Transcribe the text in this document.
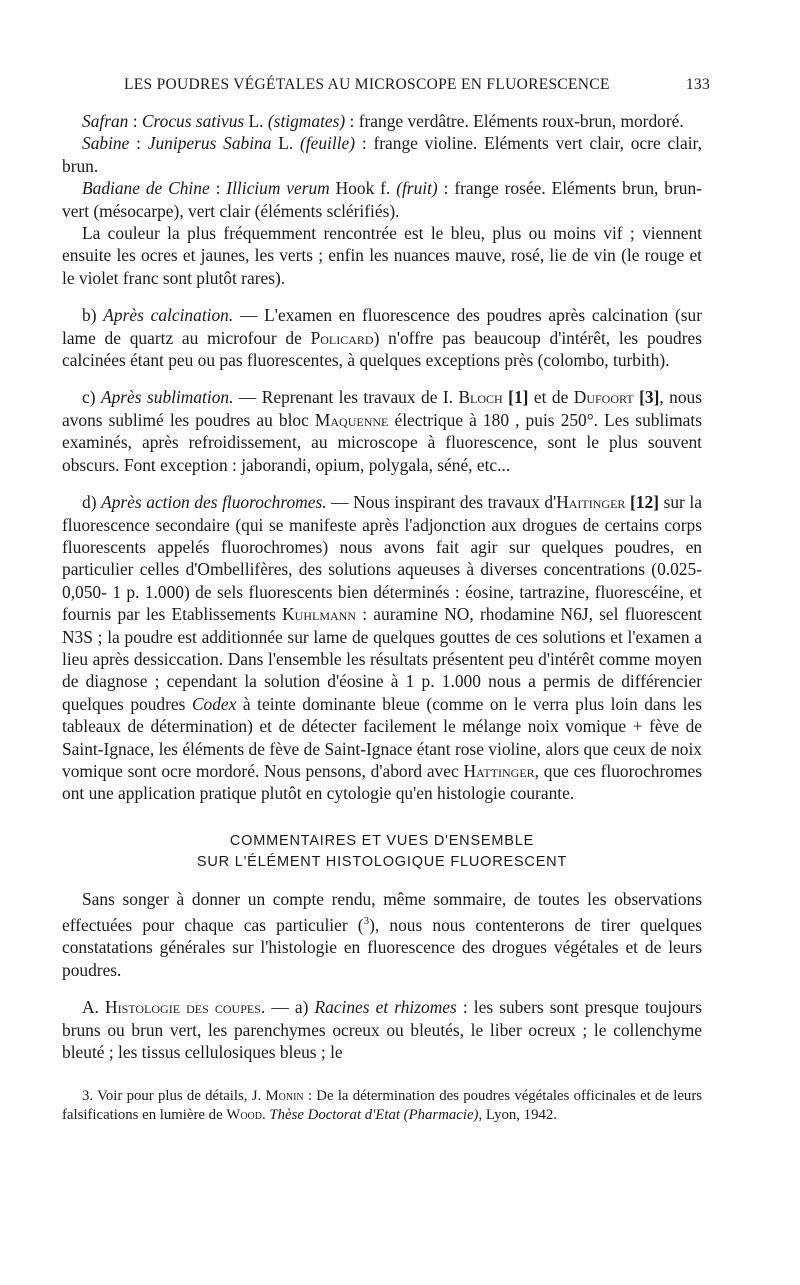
LES POUDRES VÉGÉTALES AU MICROSCOPE EN FLUORESCENCE	133

Safran : Crocus sativus L. (stigmates) : frange verdâtre. Eléments roux-brun, mordoré.

Sabine : Juniperus Sabina L. (feuille) : frange violine. Eléments vert clair, ocre clair, brun.

Badiane de Chine : Illicium verum Hook f. (fruit) : frange rosée. Eléments brun, brun-vert (mésocarpe), vert clair (éléments sclérifiés).

La couleur la plus fréquemment rencontrée est le bleu, plus ou moins vif ; viennent ensuite les ocres et jaunes, les verts ; enfin les nuances mauve, rosé, lie de vin (le rouge et le violet franc sont plutôt rares).

b) Après calcination. — L'examen en fluorescence des poudres après calcination (sur lame de quartz au microfour de Policard) n'offre pas beaucoup d'intérêt, les poudres calcinées étant peu ou pas fluorescentes, à quelques exceptions près (colombo, turbith).

c) Après sublimation. — Reprenant les travaux de I. Bloch [1] et de Dufoort [3], nous avons sublimé les poudres au bloc Maquenne électrique à 180 , puis 250°. Les sublimats examinés, après refroidissement, au microscope à fluorescence, sont le plus souvent obscurs. Font exception : jaborandi, opium, polygala, séné, etc...

d) Après action des fluorochromes. — Nous inspirant des travaux d'Haitinger [12] sur la fluorescence secondaire (qui se manifeste après l'adjonction aux drogues de certains corps fluorescents appelés fluorochromes) nous avons fait agir sur quelques poudres, en particulier celles d'Ombellifères, des solutions aqueuses à diverses concentrations (0.025-0,050- 1 p. 1.000) de sels fluorescents bien déterminés : éosine, tartrazine, fluorescéine, et fournis par les Etablissements Kuhlmann : auramine NO, rhodamine N6J, sel fluorescent N3S ; la poudre est additionnée sur lame de quelques gouttes de ces solutions et l'examen a lieu après dessiccation. Dans l'ensemble les résultats présentent peu d'intérêt comme moyen de diagnose ; cependant la solution d'éosine à 1 p. 1.000 nous a permis de différencier quelques poudres Codex à teinte dominante bleue (comme on le verra plus loin dans les tableaux de détermination) et de détecter facilement le mélange noix vomique + fève de Saint-Ignace, les éléments de fève de Saint-Ignace étant rose violine, alors que ceux de noix vomique sont ocre mordoré. Nous pensons, d'abord avec Hattinger, que ces fluorochromes ont une application pratique plutôt en cytologie qu'en histologie courante.

COMMENTAIRES ET VUES D'ENSEMBLE

SUR L'ÉLÉMENT HISTOLOGIQUE FLUORESCENT

Sans songer à donner un compte rendu, même sommaire, de toutes les observations effectuées pour chaque cas particulier ($^3$), nous nous contenterons de tirer quelques constatations générales sur l'histologie en fluorescence des drogues végétales et de leurs poudres.

A. Histologie des coupes. — a) Racines et rhizomes : les subers sont presque toujours bruns ou brun vert, les parenchymes ocreux ou bleutés, le liber ocreux ; le collenchyme bleuté ; les tissus cellulosiques bleus ; le

3. Voir pour plus de détails, J. Monin : De la détermination des poudres végétales officinales et de leurs falsifications en lumière de Wood. Thèse Doctorat d'Etat (Pharmacie), Lyon, 1942.
